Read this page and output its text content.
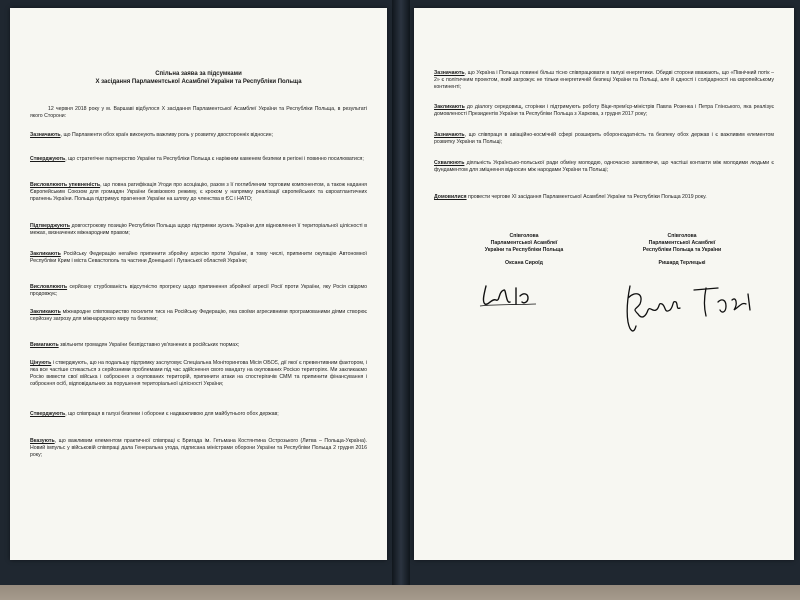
Спільна заява за підсумками
X засідання Парламентської Асамблеї України та Республіки Польща

12 червня 2018 року у м. Варшаві відбулося X засідання Парламентської Асамблеї України та Республіки Польща, в результаті якого Сторони:

Зазначають, що Парламенти обох країн виконують важливу роль у розвитку двосторонніх відносин;

Стверджують, що стратегічне партнерство України та Республіки Польща є наріжним каменем безпеки в регіоні і повинно посилюватися;

Висловлюють упевненість, що повна ратифікація Угоди про асоціацію, разом з її поглибленим торговим компонентом, а також надання Європейським Союзом для громадян України безвізового режиму, є кроком у напрямку реалізації європейських та євроатлантичних прагнень України. Польща підтримує прагнення України на шляху до членства в ЄС і НАТО;

Підтверджують довгострокову позицію Республіки Польща щодо підтримки зусиль України для відновлення її територіальної цілісності в межах, визначених міжнародним правом;

Закликають Російську Федерацію негайно припинити збройну агресію проти України, в тому числі, припинити окупацію Автономної Республіки Крим і міста Севастополь та частини Донецької і Луганської областей України;

Висловлюють серйозну стурбованість відсутністю прогресу щодо припинення збройної агресії Росії проти України, яку Росія свідомо продовжує;

Закликають міжнародне співтовариство посилити тиск на Російську Федерацію, яка своїми агресивними програмованими діями створює серйозну загрозу для міжнародного миру та безпеки;

Вимагають звільнити громадян України безпідставно ув'язнених в російських тюрмах;

Цінують і стверджують, що на подальшу підтримку заслуговує Спеціальна Моніторингова Місія ОБСЄ, дії якої є превентивним фактором, і яка все частіше стикається з серйозними проблемами під час здійснення свого мандату на окупованих Росією територіях. Ми закликаємо Росію вивести свої війська і озброєння з окупованих територій, припинити атаки на спостерігачів СММ та припинити фінансування і озброєння осіб, відповідальних за порушення територіальної цілісності України;

Стверджують, що співпраця в галузі безпеки і оборони є надважливою для майбутнього обох держав;

Вказують, що важливим елементом практичної співпраці є Бригада ім. Гетьмана Костянтина Острозького (Литва – Польща-Україна). Новий імпульс у військовій співпраці дала Генеральна угода, підписана міністрами оборони України та Республіки Польща 2 грудня 2016 року;

Зазначають, що Україна і Польща повинні більш тісно співпрацювати в галузі енергетики. Обидві сторони вважають, що «Північний потік – 2» є політичним проектом, який загрожує не тільки енергетичній безпеці України та Польщі, але й єдності і солідарності на європейському континенті;

Закликають до діалогу середовищ, сторінки і підтримують роботу Віце-прем'єр-міністрів Павла Розенка і Петра Глінського, яка реалізує домовленості Президентів України та Республіки Польща з Харкова, з грудня 2017 року;

Зазначають, що співпраця в авіаційно-космічній сфері розширить обороноздатність та безпеку обох держав і є важливим елементом розвитку України та Польщі;

Схвалюють діяльність Українсько-польської ради обміну молоддю, одночасно заявляючи, що частіші контакти між молодими людьми є фундаментом для зміцнення відносин між народами України та Польщі;

Домовилися провести чергове XI засідання Парламентської Асамблеї України та Республіки Польща 2019 року.

Співголова
Парламентської Асамблеї
України та Республіки Польща
Оксана Сироїд
Співголова
Парламентської Асамблеї
Республіки Польща та України
Ришард Терлецькі
